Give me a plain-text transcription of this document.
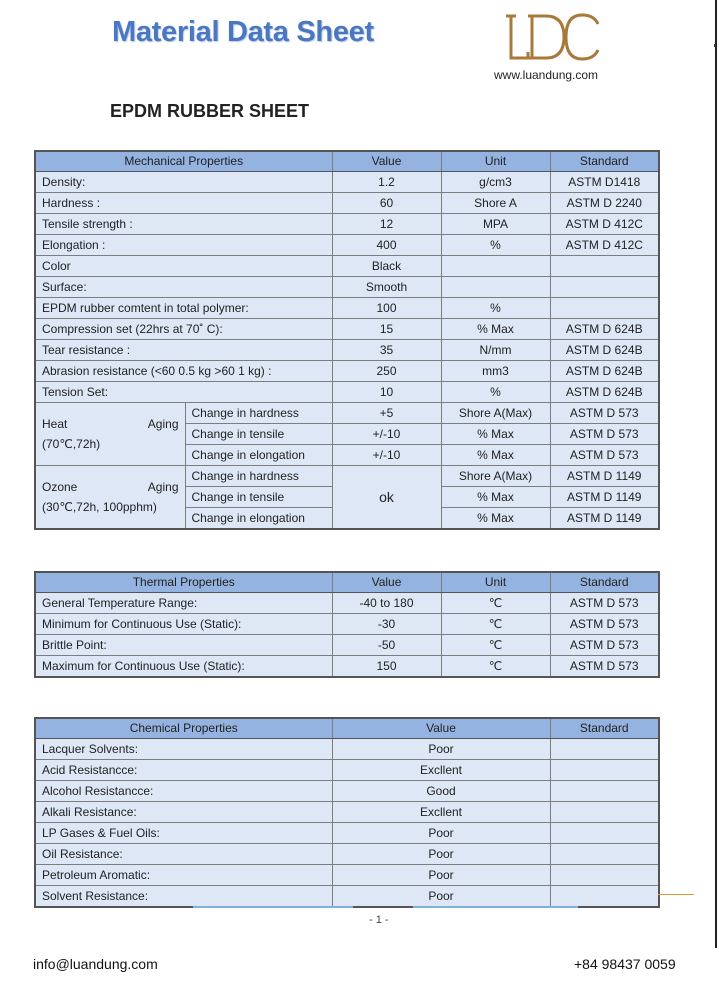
Material Data Sheet
www.luandung.com
EPDM RUBBER SHEET
Mechanical Properties		Value	Unit	Standard
Density:		1.2	g/cm3	ASTM D1418
Hardness :		60	Shore A	ASTM D 2240
Tensile strength :		12	MPA	ASTM D 412C
Elongation :		400	%	ASTM D 412C
Color		Black		
Surface:		Smooth		
EPDM rubber comtent in total polymer:		100	%	
Compression set (22hrs at 70˚ C):		15	% Max	ASTM D 624B
Tear resistance :		35	N/mm	ASTM D 624B
Abrasion resistance (<60 0.5 kg >60 1 kg) :		250	mm3	ASTM D 624B
Tension Set:		10	%	ASTM D 624B

Heat Aging
(70℃,72h)	Change in hardness	+5	Shore A(Max)	ASTM D 573
	Change in tensile	+/-10	% Max	ASTM D 573
	Change in elongation	+/-10	% Max	ASTM D 573

Ozone Aging
(30℃,72h, 100pphm)	Change in hardness	ok	Shore A(Max)	ASTM D 1149
	Change in tensile		% Max	ASTM D 1149
	Change in elongation		% Max	ASTM D 1149
Thermal Properties	Value	Unit	Standard
General Temperature Range:	-40 to 180	℃	ASTM D 573
Minimum for Continuous Use (Static):	-30	℃	ASTM D 573
Brittle Point:	-50	℃	ASTM D 573
Maximum for Continuous Use (Static):	150	℃	ASTM D 573
Chemical Properties	Value	Standard
Lacquer Solvents:	Poor	
Acid Resistancce:	Excllent	
Alcohol Resistancce:	Good	
Alkali Resistance:	Excllent	
LP Gases & Fuel Oils:	Poor	
Oil Resistance:	Poor	
Petroleum Aromatic:	Poor	
Solvent Resistance:	Poor	
- 1 -
info@luandung.com	+84 98437 0059
